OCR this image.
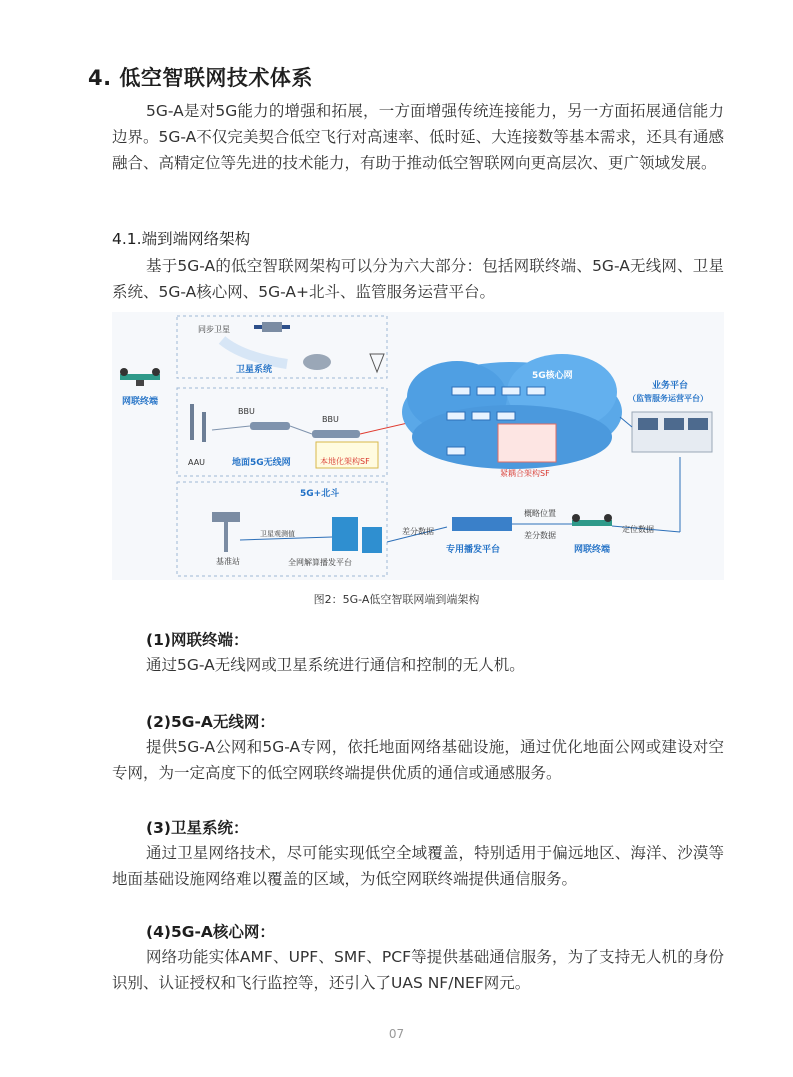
4. 低空智联网技术体系

5G-A是对5G能力的增强和拓展，一方面增强传统连接能力，另一方面拓展通信能力边界。5G-A不仅完美契合低空飞行对高速率、低时延、大连接数等基本需求，还具有通感融合、高精定位等先进的技术能力，有助于推动低空智联网向更高层次、更广领域发展。

4.1.端到端网络架构

基于5G-A的低空智联网架构可以分为六大部分：包括网联终端、5G-A无线网、卫星系统、5G-A核心网、5G-A+北斗、监管服务运营平台。

同步卫星
卫星系统
网联终端
BBU
BBU
AAU	地面5G无线网	本地化架构SF
5G核心网
紧耦合架构SF
业务平台
（监管服务运营平台）
5G+北斗
卫星观测值
基准站	全网解算播发平台
差分数据	差分数据
概略位置
定位数据
专用播发平台	网联终端
图2：5G-A低空智联网端到端架构
(1)网联终端：

通过5G-A无线网或卫星系统进行通信和控制的无人机。

(2)5G-A无线网：

提供5G-A公网和5G-A专网，依托地面网络基础设施，通过优化地面公网或建设对空专网，为一定高度下的低空网联终端提供优质的通信或通感服务。

(3)卫星系统：

通过卫星网络技术，尽可能实现低空全域覆盖，特别适用于偏远地区、海洋、沙漠等地面基础设施网络难以覆盖的区域，为低空网联终端提供通信服务。

(4)5G-A核心网：

网络功能实体AMF、UPF、SMF、PCF等提供基础通信服务，为了支持无人机的身份识别、认证授权和飞行监控等，还引入了UAS NF/NEF网元。

07
